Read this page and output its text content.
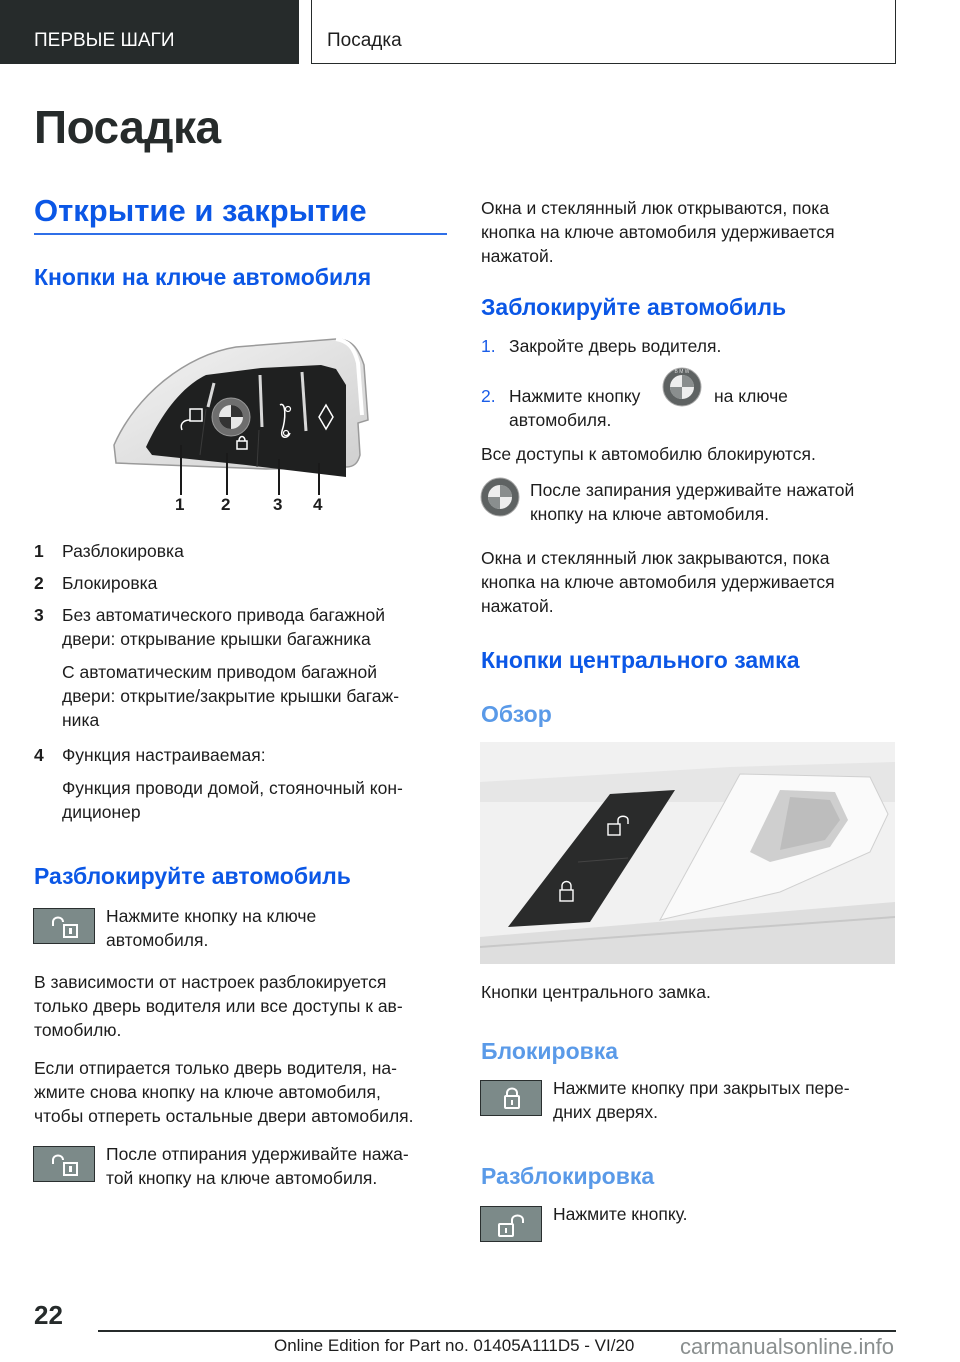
ПЕРВЫЕ ШАГИ	Посадка
Посадка
Открытие и закрытие
Кнопки на ключе автомобиля
1 2	3 4
1 Разблокировка
2 Блокировка
3 Без автоматического привода багажной
двери: открывание крышки багажника
С автоматическим приводом багажной
двери: открытие/закрытие крышки багаж-
ника
4 Функция настраиваемая:
Функция проводи домой, стояночный кон-
диционер
Разблокируйте автомобиль
Нажмите кнопку на ключе
автомобиля.
В зависимости от настроек разблокируется
только дверь водителя или все доступы к ав-
томобилю.
Если отпирается только дверь водителя, на-
жмите снова кнопку на ключе автомобиля,
чтобы отпереть остальные двери автомобиля.
После отпирания удерживайте нажа-
той кнопку на ключе автомобиля.
Окна и стеклянный люк открываются, пока
кнопка на ключе автомобиля удерживается
нажатой.
Заблокируйте автомобиль
1. Закройте дверь водителя.
2. Нажмите кнопку
B M W
на ключе
автомобиля.
Все доступы к автомобилю блокируются.
После запирания удерживайте нажатой
кнопку на ключе автомобиля.
Окна и стеклянный люк закрываются, пока
кнопка на ключе автомобиля удерживается
нажатой.
Кнопки центрального замка
Обзор
Кнопки центрального замка.
Блокировка
Нажмите кнопку при закрытых пере-
дних дверях.
Разблокировка
Нажмите кнопку.
22
Online Edition for Part no. 01405A111D5 - VI/20 carmanualsonline.info
